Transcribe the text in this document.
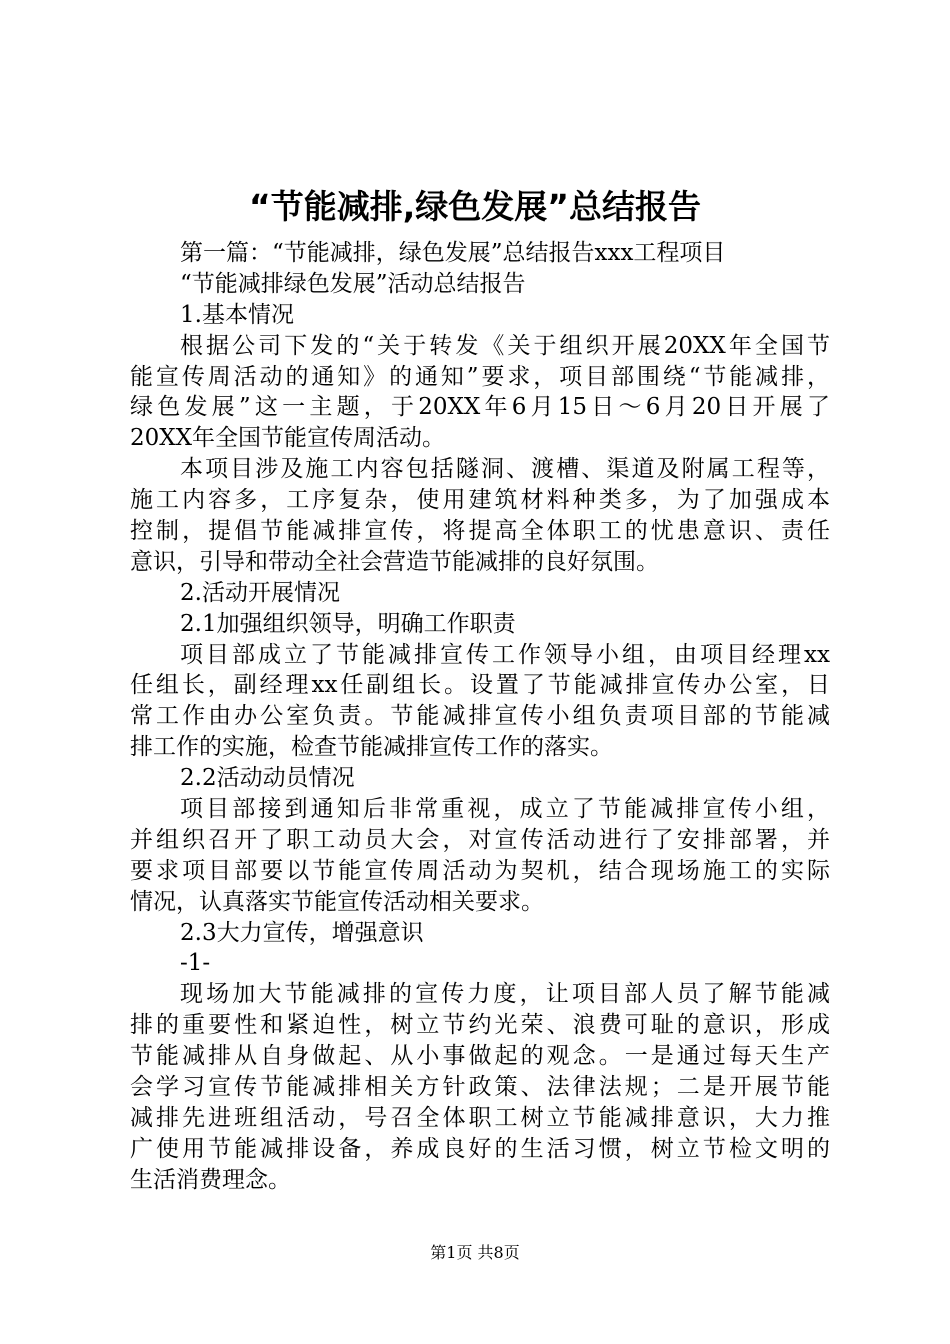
“节能减排,绿色发展”总结报告
第一篇：“节能减排，绿色发展”总结报告xxx工程项目
“节能减排绿色发展”活动总结报告
1.基本情况
根据公司下发的“关于转发《关于组织开展20XX年全国节
能宣传周活动的通知》的通知”要求，项目部围绕“节能减排，
绿色发展”这一主题，于20XX年6月15日～6月20日开展了
20XX年全国节能宣传周活动。
本项目涉及施工内容包括隧洞、渡槽、渠道及附属工程等，
施工内容多，工序复杂，使用建筑材料种类多，为了加强成本
控制，提倡节能减排宣传，将提高全体职工的忧患意识、责任
意识，引导和带动全社会营造节能减排的良好氛围。
2.活动开展情况
2.1加强组织领导，明确工作职责
项目部成立了节能减排宣传工作领导小组，由项目经理xx
任组长，副经理xx任副组长。设置了节能减排宣传办公室，日
常工作由办公室负责。节能减排宣传小组负责项目部的节能减
排工作的实施，检查节能减排宣传工作的落实。
2.2活动动员情况
项目部接到通知后非常重视，成立了节能减排宣传小组，
并组织召开了职工动员大会，对宣传活动进行了安排部署，并
要求项目部要以节能宣传周活动为契机，结合现场施工的实际
情况，认真落实节能宣传活动相关要求。
2.3大力宣传，增强意识
-1-
现场加大节能减排的宣传力度，让项目部人员了解节能减
排的重要性和紧迫性，树立节约光荣、浪费可耻的意识，形成
节能减排从自身做起、从小事做起的观念。一是通过每天生产
会学习宣传节能减排相关方针政策、法律法规；二是开展节能
减排先进班组活动，号召全体职工树立节能减排意识，大力推
广使用节能减排设备，养成良好的生活习惯，树立节检文明的
生活消费理念。
第1页 共8页
